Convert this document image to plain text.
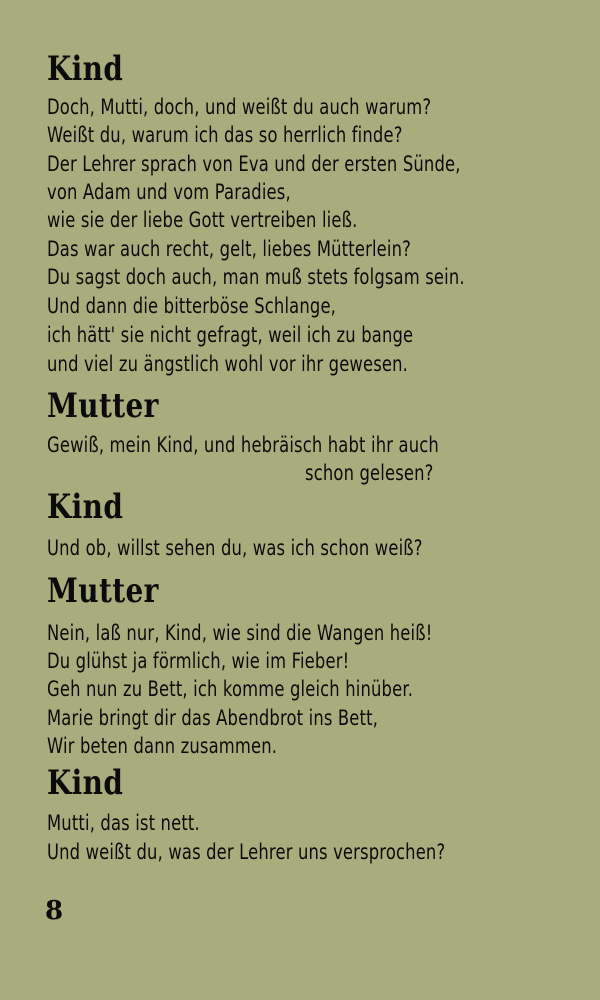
Kind
Doch, Mutti, doch, und weißt du auch warum?
Weißt du, warum ich das so herrlich finde?
Der Lehrer sprach von Eva und der ersten Sünde,
von Adam und vom Paradies,
wie sie der liebe Gott vertreiben ließ.
Das war auch recht, gelt, liebes Mütterlein?
Du sagst doch auch, man muß stets folgsam sein.
Und dann die bitterböse Schlange,
ich hätt' sie nicht gefragt, weil ich zu bange
und viel zu ängstlich wohl vor ihr gewesen.
Mutter
Gewiß, mein Kind, und hebräisch habt ihr auch
schon gelesen?
Kind
Und ob, willst sehen du, was ich schon weiß?
Mutter
Nein, laß nur, Kind, wie sind die Wangen heiß!
Du glühst ja förmlich, wie im Fieber!
Geh nun zu Bett, ich komme gleich hinüber.
Marie bringt dir das Abendbrot ins Bett,
Wir beten dann zusammen.
Kind
Mutti, das ist nett.
Und weißt du, was der Lehrer uns versprochen?
8
